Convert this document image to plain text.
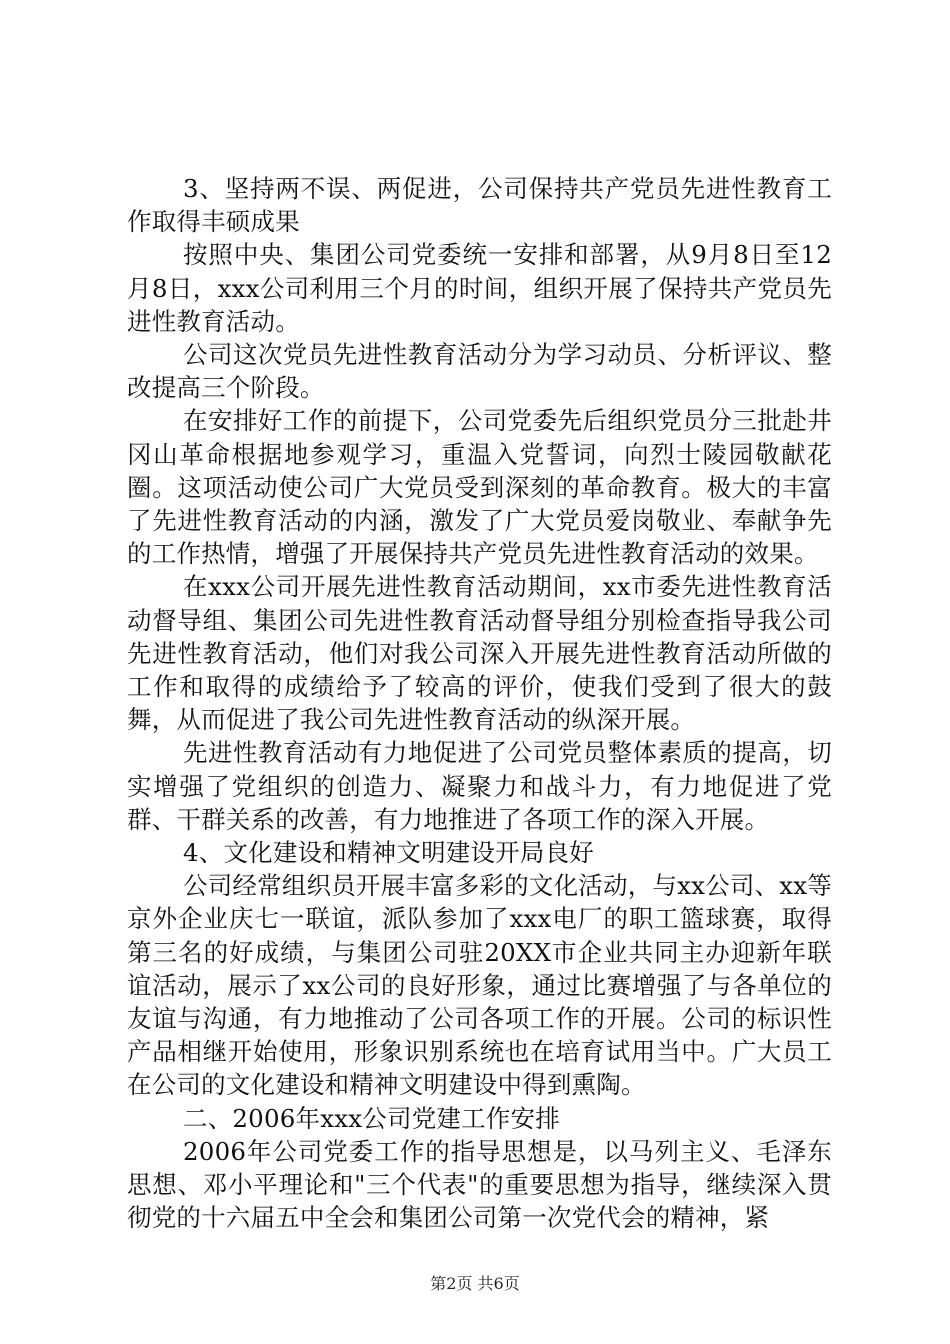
3、坚持两不误、两促进，公司保持共产党员先进性教育工作取得丰硕成果

按照中央、集团公司党委统一安排和部署，从9月8日至12月8日，xxx公司利用三个月的时间，组织开展了保持共产党员先进性教育活动。

公司这次党员先进性教育活动分为学习动员、分析评议、整改提高三个阶段。

在安排好工作的前提下，公司党委先后组织党员分三批赴井冈山革命根据地参观学习，重温入党誓词，向烈士陵园敬献花圈。这项活动使公司广大党员受到深刻的革命教育。极大的丰富了先进性教育活动的内涵，激发了广大党员爱岗敬业、奉献争先的工作热情，增强了开展保持共产党员先进性教育活动的效果。

在xxx公司开展先进性教育活动期间，xx市委先进性教育活动督导组、集团公司先进性教育活动督导组分别检查指导我公司先进性教育活动，他们对我公司深入开展先进性教育活动所做的工作和取得的成绩给予了较高的评价，使我们受到了很大的鼓舞，从而促进了我公司先进性教育活动的纵深开展。

先进性教育活动有力地促进了公司党员整体素质的提高，切实增强了党组织的创造力、凝聚力和战斗力，有力地促进了党群、干群关系的改善，有力地推进了各项工作的深入开展。

4、文化建设和精神文明建设开局良好

公司经常组织员开展丰富多彩的文化活动，与xx公司、xx等京外企业庆七一联谊，派队参加了xxx电厂的职工篮球赛，取得第三名的好成绩，与集团公司驻20XX市企业共同主办迎新年联谊活动，展示了xx公司的良好形象，通过比赛增强了与各单位的友谊与沟通，有力地推动了公司各项工作的开展。公司的标识性产品相继开始使用，形象识别系统也在培育试用当中。广大员工在公司的文化建设和精神文明建设中得到熏陶。

二、2006年xxx公司党建工作安排

2006年公司党委工作的指导思想是，以马列主义、毛泽东思想、邓小平理论和"三个代表"的重要思想为指导，继续深入贯彻党的十六届五中全会和集团公司第一次党代会的精神，紧

第2页 共6页
